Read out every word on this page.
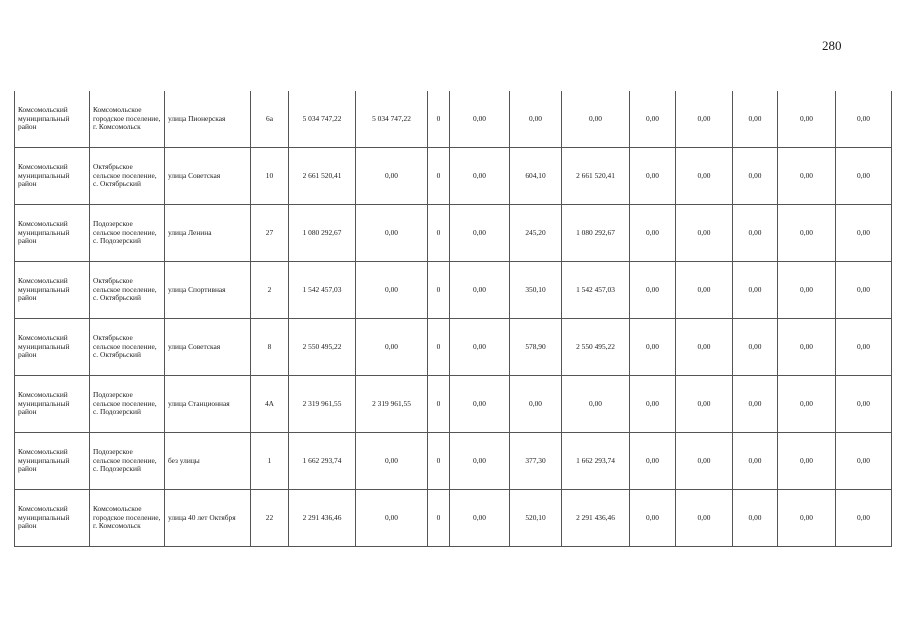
280
Комсомольский муниципальный район	Комсомольское городское поселение, г. Комсомольск	улица Пионерская	6а	5 034 747,22	5 034 747,22	0	0,00	0,00	0,00	0,00	0,00	0,00	0,00	0,00
Комсомольский муниципальный район	Октябрьское сельское поселение, с. Октябрьский	улица Советская	10	2 661 520,41	0,00	0	0,00	604,10	2 661 520,41	0,00	0,00	0,00	0,00	0,00
Комсомольский муниципальный район	Подозерское сельское поселение, с. Подозерский	улица Ленина	27	1 080 292,67	0,00	0	0,00	245,20	1 080 292,67	0,00	0,00	0,00	0,00	0,00
Комсомольский муниципальный район	Октябрьское сельское поселение, с. Октябрьский	улица Спортивная	2	1 542 457,03	0,00	0	0,00	350,10	1 542 457,03	0,00	0,00	0,00	0,00	0,00
Комсомольский муниципальный район	Октябрьское сельское поселение, с. Октябрьский	улица Советская	8	2 550 495,22	0,00	0	0,00	578,90	2 550 495,22	0,00	0,00	0,00	0,00	0,00
Комсомольский муниципальный район	Подозерское сельское поселение, с. Подозерский	улица Станционная	4А	2 319 961,55	2 319 961,55	0	0,00	0,00	0,00	0,00	0,00	0,00	0,00	0,00
Комсомольский муниципальный район	Подозерское сельское поселение, с. Подозерский	без улицы	1	1 662 293,74	0,00	0	0,00	377,30	1 662 293,74	0,00	0,00	0,00	0,00	0,00
Комсомольский муниципальный район	Комсомольское городское поселение, г. Комсомольск	улица 40 лет Октября	22	2 291 436,46	0,00	0	0,00	520,10	2 291 436,46	0,00	0,00	0,00	0,00	0,00
